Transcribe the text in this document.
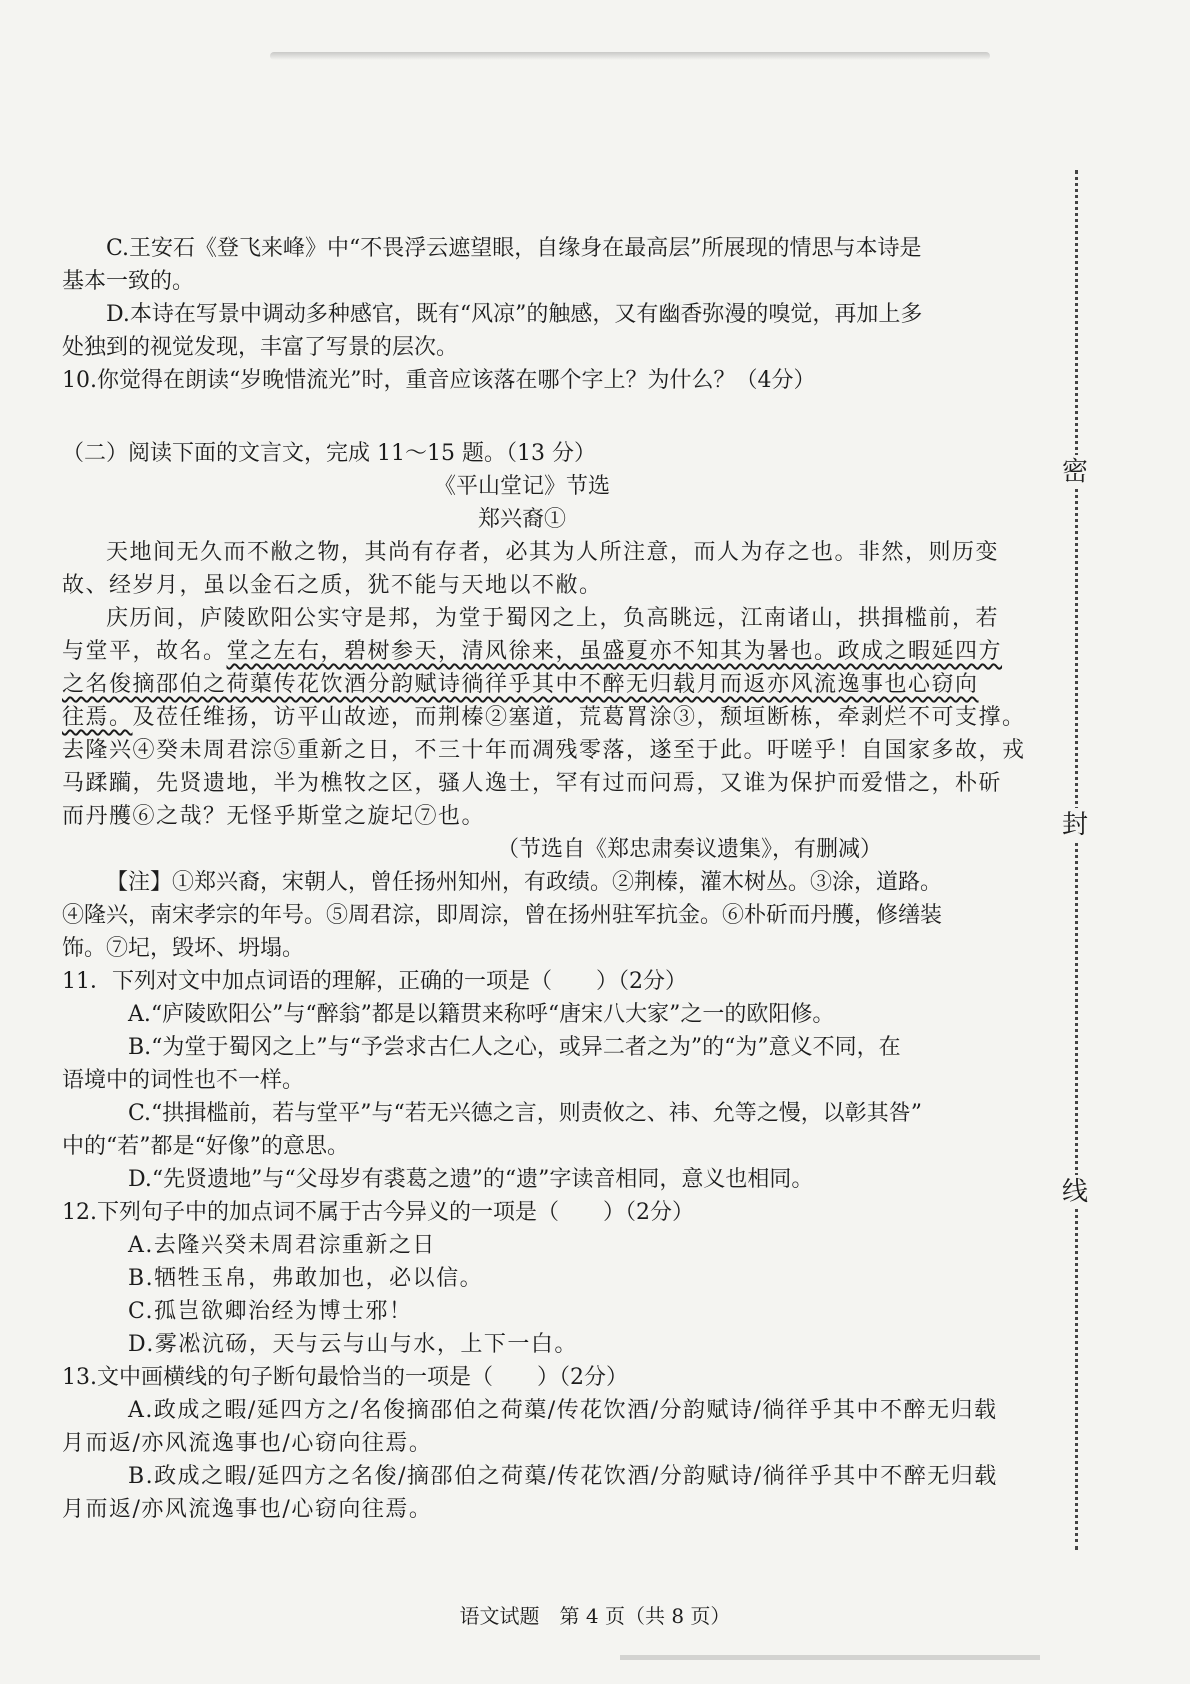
C.王安石《登飞来峰》中“不畏浮云遮望眼，自缘身在最高层”所展现的情思与本诗是

基本一致的。

D.本诗在写景中调动多种感官，既有“风凉”的触感，又有幽香弥漫的嗅觉，再加上多

处独到的视觉发现，丰富了写景的层次。

10.你觉得在朗读“岁晚惜流光”时，重音应该落在哪个字上？为什么？（4分）

（二）阅读下面的文言文，完成 11～15 题。（13 分）

《平山堂记》节选

郑兴裔①

天地间无久而不敝之物，其尚有存者，必其为人所注意，而人为存之也。非然，则历变

故、经岁月，虽以金石之质，犹不能与天地以不敝。

庆历间，庐陵欧阳公实守是邦，为堂于蜀冈之上，负高眺远，江南诸山，拱揖槛前，若

与堂平，故名。堂之左右，碧树参天，清风徐来，虽盛夏亦不知其为暑也。政成之暇延四方

之名俊摘邵伯之荷蕖传花饮酒分韵赋诗徜徉乎其中不醉无归载月而返亦风流逸事也心窃向

往焉。及莅任维扬，访平山故迹，而荆榛②塞道，荒葛罥涂③，颓垣断栋，牵剥烂不可支撑。

去隆兴④癸未周君淙⑤重新之日，不三十年而凋残零落，遂至于此。吁嗟乎！自国家多故，戎

马蹂躏，先贤遗地，半为樵牧之区，骚人逸士，罕有过而问焉，又谁为保护而爱惜之，朴斫

而丹雘⑥之哉？无怪乎斯堂之旋圮⑦也。

（节选自《郑忠肃奏议遗集》，有删减）

【注】①郑兴裔，宋朝人，曾任扬州知州，有政绩。②荆榛，灌木树丛。③涂，道路。

④隆兴，南宋孝宗的年号。⑤周君淙，即周淙，曾在扬州驻军抗金。⑥朴斫而丹雘，修缮装

饰。⑦圮，毁坏、坍塌。

11．下列对文中加点词语的理解，正确的一项是（　　）（2分）

A.“庐陵欧阳公”与“醉翁”都是以籍贯来称呼“唐宋八大家”之一的欧阳修。

B.“为堂于蜀冈之上”与“予尝求古仁人之心，或异二者之为”的“为”意义不同，在

语境中的词性也不一样。

C.“拱揖槛前，若与堂平”与“若无兴德之言，则责攸之、祎、允等之慢，以彰其咎”

中的“若”都是“好像”的意思。

D.“先贤遗地”与“父母岁有裘葛之遗”的“遗”字读音相同，意义也相同。

12.下列句子中的加点词不属于古今异义的一项是（　　）（2分）

A.去隆兴癸未周君淙重新之日

B.牺牲玉帛，弗敢加也，必以信。

C.孤岂欲卿治经为博士邪！

D.雾凇沆砀，天与云与山与水，上下一白。

13.文中画横线的句子断句最恰当的一项是（　　）（2分）

A.政成之暇/延四方之/名俊摘邵伯之荷蕖/传花饮酒/分韵赋诗/徜徉乎其中不醉无归载

月而返/亦风流逸事也/心窃向往焉。

B.政成之暇/延四方之名俊/摘邵伯之荷蕖/传花饮酒/分韵赋诗/徜徉乎其中不醉无归载

月而返/亦风流逸事也/心窃向往焉。

语文试题　第 4 页（共 8 页）
密
封
线
